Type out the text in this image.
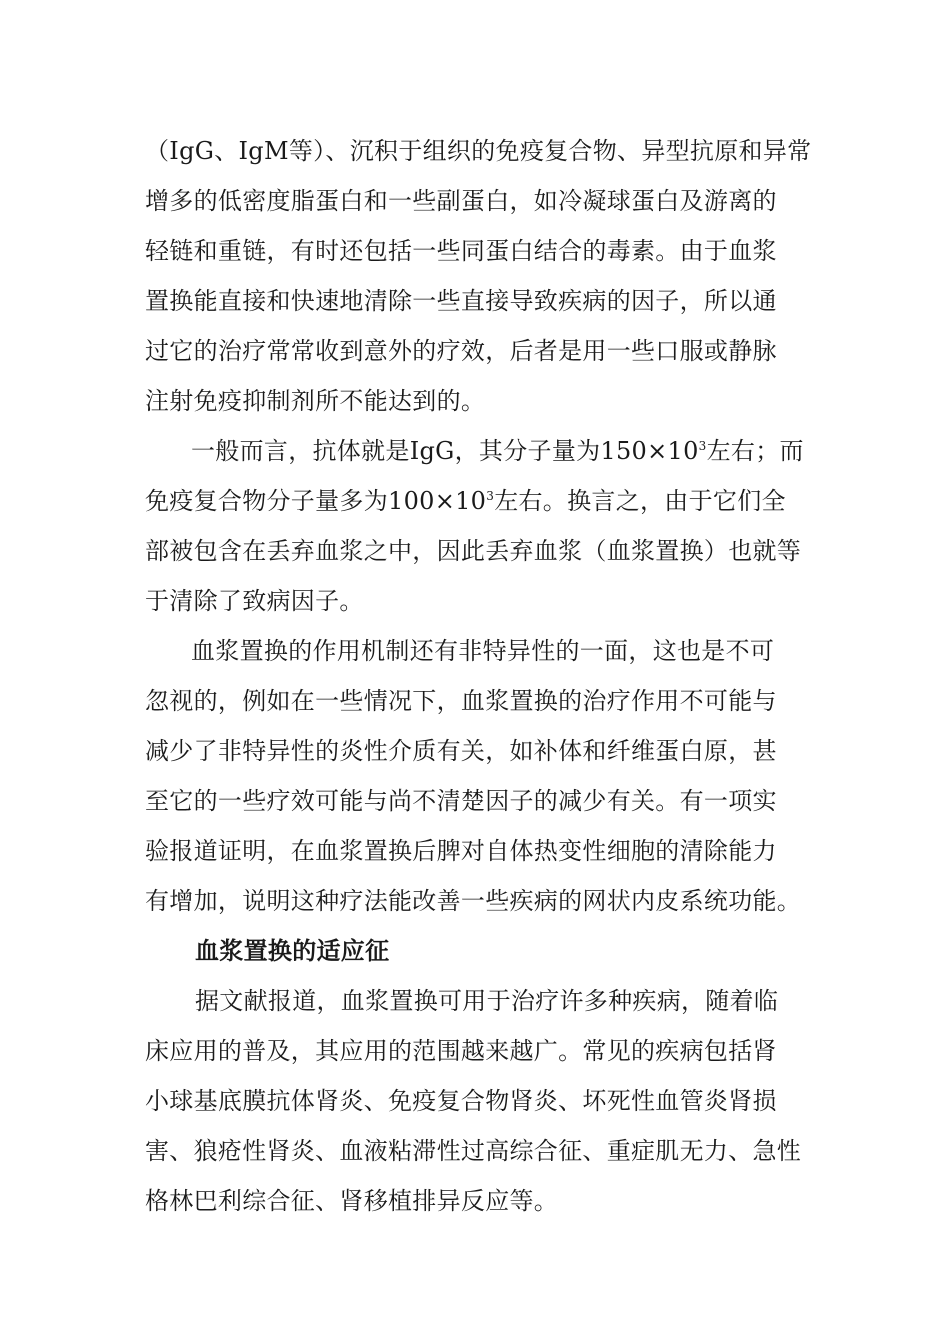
（IgG、IgM等）、沉积于组织的免疫复合物、异型抗原和异常
增多的低密度脂蛋白和一些副蛋白，如冷凝球蛋白及游离的
轻链和重链，有时还包括一些同蛋白结合的毒素。由于血浆
置换能直接和快速地清除一些直接导致疾病的因子，所以通
过它的治疗常常收到意外的疗效，后者是用一些口服或静脉
注射免疫抑制剂所不能达到的。

一般而言，抗体就是IgG，其分子量为$150\times 10^3$左右；而
免疫复合物分子量多为$100\times 10^3$左右。换言之，由于它们全
部被包含在丢弃血浆之中，因此丢弃血浆（血浆置换）也就等
于清除了致病因子。

血浆置换的作用机制还有非特异性的一面，这也是不可
忽视的，例如在一些情况下，血浆置换的治疗作用不可能与
减少了非特异性的炎性介质有关，如补体和纤维蛋白原，甚
至它的一些疗效可能与尚不清楚因子的减少有关。有一项实
验报道证明，在血浆置换后脾对自体热变性细胞的清除能力
有增加，说明这种疗法能改善一些疾病的网状内皮系统功能。

血浆置换的适应征

据文献报道，血浆置换可用于治疗许多种疾病，随着临
床应用的普及，其应用的范围越来越广。常见的疾病包括肾
小球基底膜抗体肾炎、免疫复合物肾炎、坏死性血管炎肾损
害、狼疮性肾炎、血液粘滞性过高综合征、重症肌无力、急性
格林巴利综合征、肾移植排异反应等。
